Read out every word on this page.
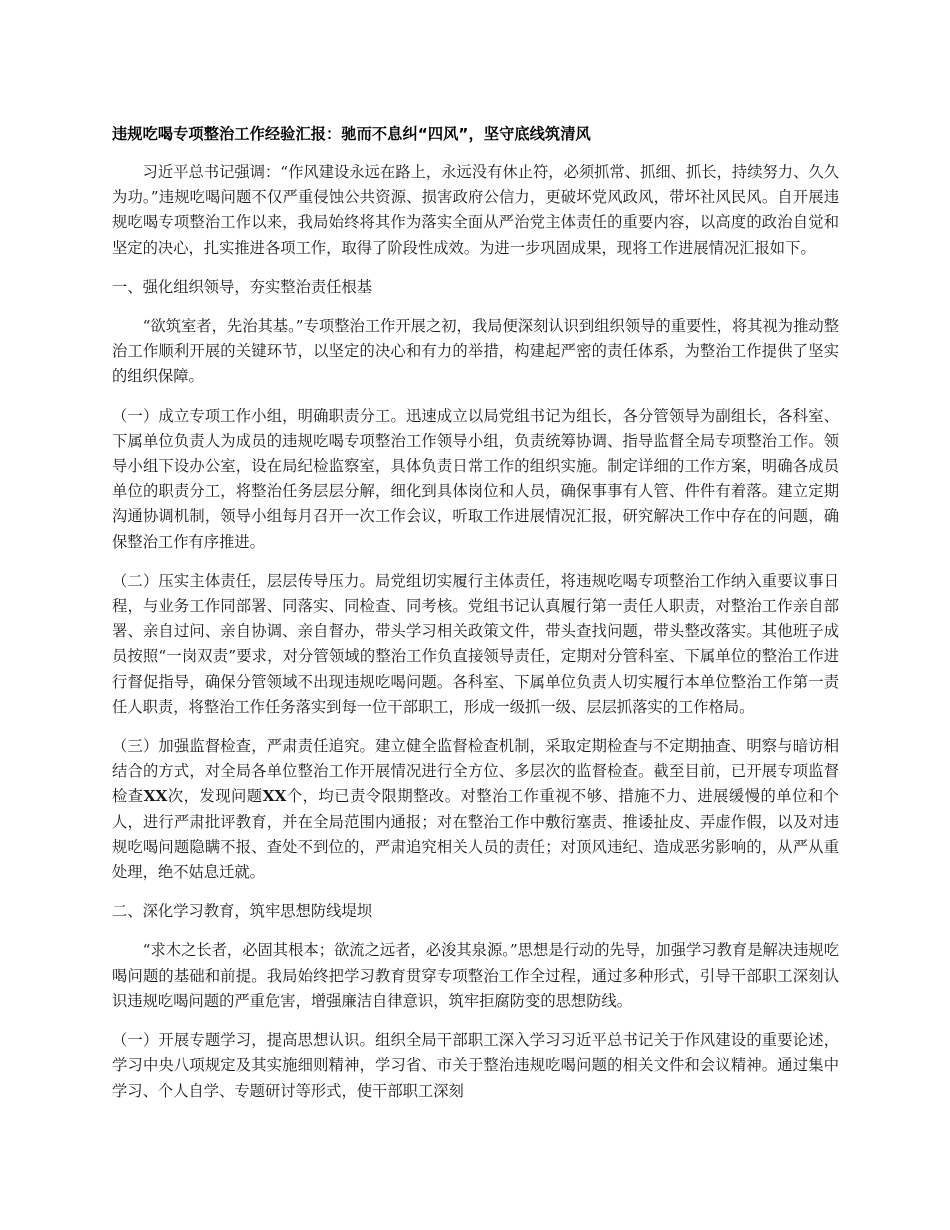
违规吃喝专项整治工作经验汇报：驰而不息纠“四风”，坚守底线筑清风

习近平总书记强调：“作风建设永远在路上，永远没有休止符，必须抓常、抓细、抓长，持续努力、久久为功。”违规吃喝问题不仅严重侵蚀公共资源、损害政府公信力，更破坏党风政风，带坏社风民风。自开展违规吃喝专项整治工作以来，我局始终将其作为落实全面从严治党主体责任的重要内容，以高度的政治自觉和坚定的决心，扎实推进各项工作，取得了阶段性成效。为进一步巩固成果，现将工作进展情况汇报如下。

一、强化组织领导，夯实整治责任根基

“欲筑室者，先治其基。”专项整治工作开展之初，我局便深刻认识到组织领导的重要性，将其视为推动整治工作顺利开展的关键环节，以坚定的决心和有力的举措，构建起严密的责任体系，为整治工作提供了坚实的组织保障。

（一）成立专项工作小组，明确职责分工。迅速成立以局党组书记为组长，各分管领导为副组长，各科室、下属单位负责人为成员的违规吃喝专项整治工作领导小组，负责统筹协调、指导监督全局专项整治工作。领导小组下设办公室，设在局纪检监察室，具体负责日常工作的组织实施。制定详细的工作方案，明确各成员单位的职责分工，将整治任务层层分解，细化到具体岗位和人员，确保事事有人管、件件有着落。建立定期沟通协调机制，领导小组每月召开一次工作会议，听取工作进展情况汇报，研究解决工作中存在的问题，确保整治工作有序推进。

（二）压实主体责任，层层传导压力。局党组切实履行主体责任，将违规吃喝专项整治工作纳入重要议事日程，与业务工作同部署、同落实、同检查、同考核。党组书记认真履行第一责任人职责，对整治工作亲自部署、亲自过问、亲自协调、亲自督办，带头学习相关政策文件，带头查找问题，带头整改落实。其他班子成员按照“一岗双责”要求，对分管领域的整治工作负直接领导责任，定期对分管科室、下属单位的整治工作进行督促指导，确保分管领域不出现违规吃喝问题。各科室、下属单位负责人切实履行本单位整治工作第一责任人职责，将整治工作任务落实到每一位干部职工，形成一级抓一级、层层抓落实的工作格局。

（三）加强监督检查，严肃责任追究。建立健全监督检查机制，采取定期检查与不定期抽查、明察与暗访相结合的方式，对全局各单位整治工作开展情况进行全方位、多层次的监督检查。截至目前，已开展专项监督检查XX次，发现问题XX个，均已责令限期整改。对整治工作重视不够、措施不力、进展缓慢的单位和个人，进行严肃批评教育，并在全局范围内通报；对在整治工作中敷衍塞责、推诿扯皮、弄虚作假，以及对违规吃喝问题隐瞒不报、查处不到位的，严肃追究相关人员的责任；对顶风违纪、造成恶劣影响的，从严从重处理，绝不姑息迁就。

二、深化学习教育，筑牢思想防线堤坝

“求木之长者，必固其根本；欲流之远者，必浚其泉源。”思想是行动的先导，加强学习教育是解决违规吃喝问题的基础和前提。我局始终把学习教育贯穿专项整治工作全过程，通过多种形式，引导干部职工深刻认识违规吃喝问题的严重危害，增强廉洁自律意识，筑牢拒腐防变的思想防线。

（一）开展专题学习，提高思想认识。组织全局干部职工深入学习习近平总书记关于作风建设的重要论述，学习中央八项规定及其实施细则精神，学习省、市关于整治违规吃喝问题的相关文件和会议精神。通过集中学习、个人自学、专题研讨等形式，使干部职工深刻
